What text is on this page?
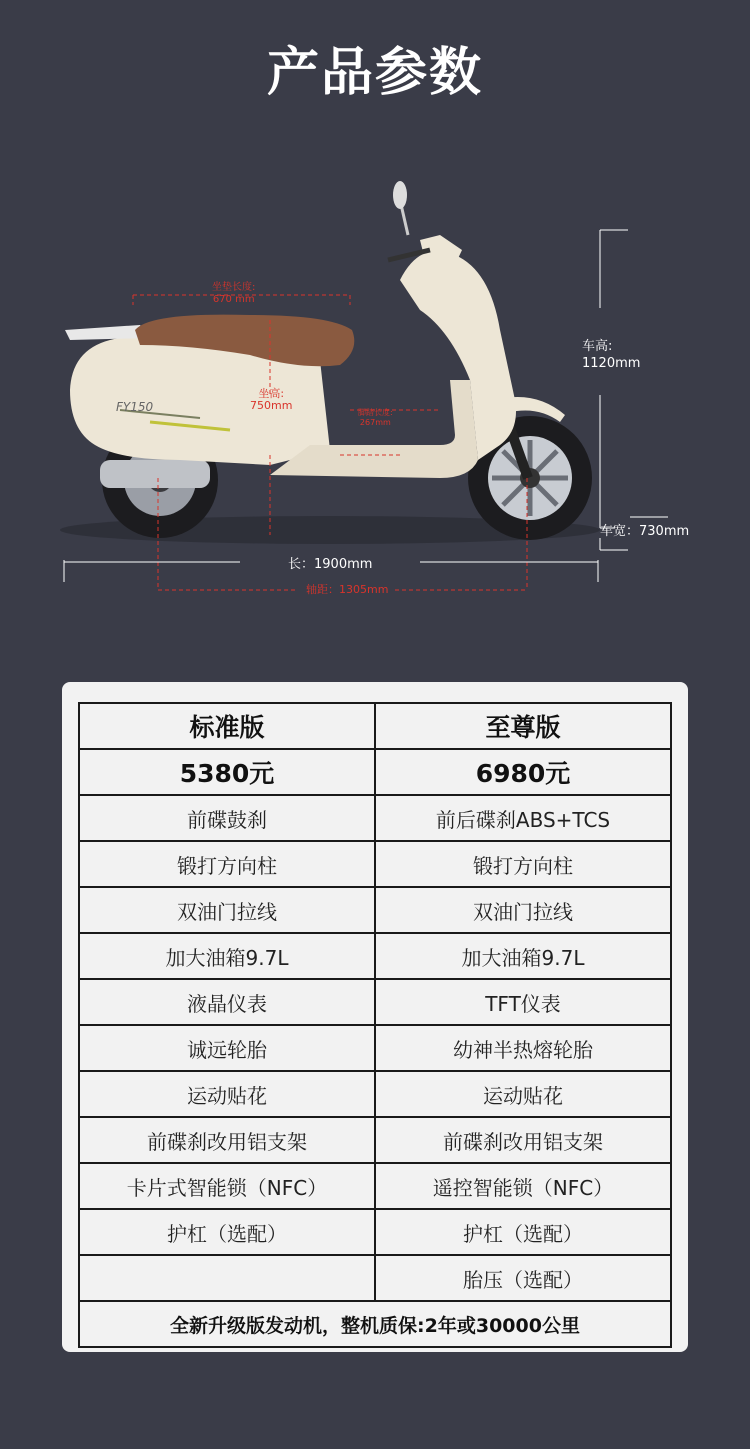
产品参数
坐垫长度:
670 mm
坐高:
750mm
脚踏长度:
267mm
车高:
1120mm
车宽：730mm
长：1900mm
轴距：1305mm
FY150
标准版	至尊版
5380元	6980元
前碟鼓刹	前后碟刹ABS+TCS
锻打方向柱	锻打方向柱
双油门拉线	双油门拉线
加大油箱9.7L	加大油箱9.7L
液晶仪表	TFT仪表
诚远轮胎	幼神半热熔轮胎
运动贴花	运动贴花
前碟刹改用铝支架	前碟刹改用铝支架
卡片式智能锁（NFC）	遥控智能锁（NFC）
护杠（选配）	护杠（选配）
	胎压（选配）
全新升级版发动机，整机质保:2年或30000公里	
